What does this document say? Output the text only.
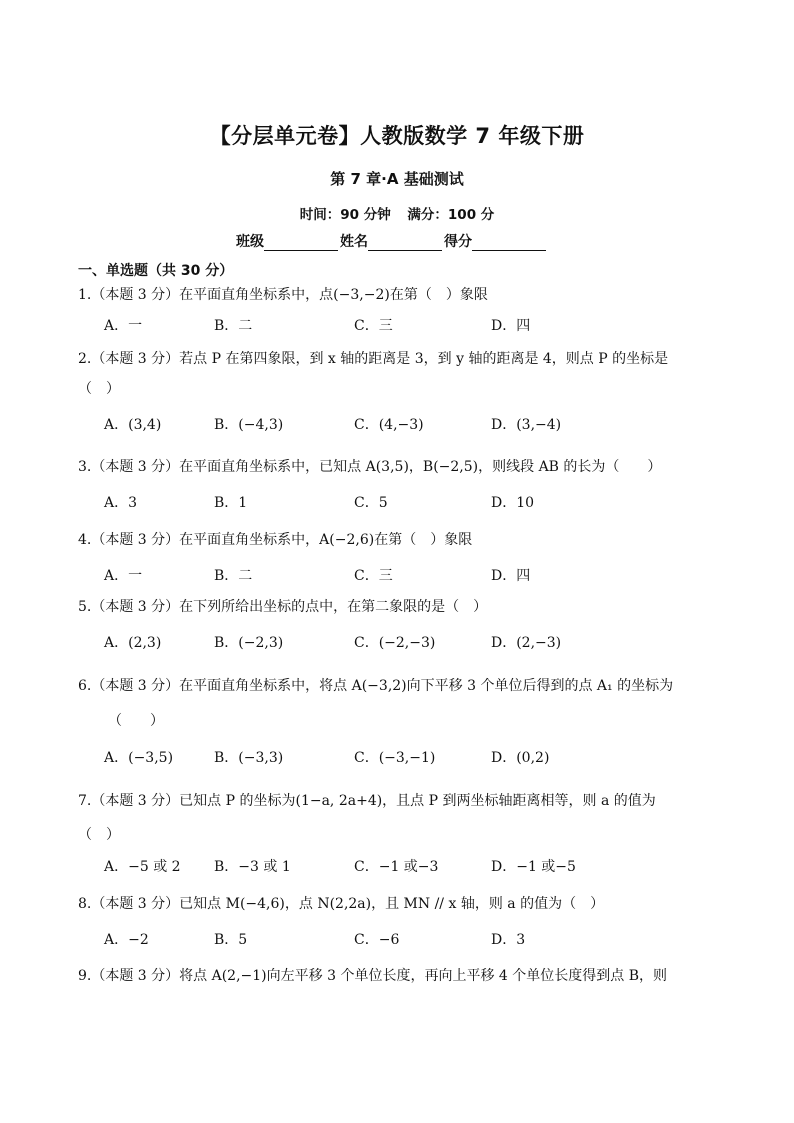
【分层单元卷】人教版数学 7 年级下册
第 7 章·A 基础测试
时间：90 分钟 满分：100 分
班级	姓名	得分
一、单选题（共 30 分）
1.（本题 3 分）在平面直角坐标系中，点(−3,−2)在第（　）象限
A．一	B．二	C．三	D．四
2.（本题 3 分）若点 P 在第四象限，到 x 轴的距离是 3，到 y 轴的距离是 4，则点 P 的坐标是
（　）
A．(3,4)	B．(−4,3)	C．(4,−3)	D．(3,−4)
3.（本题 3 分）在平面直角坐标系中，已知点 A(3,5)，B(−2,5)，则线段 AB 的长为（　　）
A．3	B．1	C．5	D．10
4.（本题 3 分）在平面直角坐标系中，A(−2,6)在第（　）象限
A．一	B．二	C．三	D．四
5.（本题 3 分）在下列所给出坐标的点中，在第二象限的是（　）
A．(2,3)	B．(−2,3)	C．(−2,−3)	D．(2,−3)
6.（本题 3 分）在平面直角坐标系中，将点 A(−3,2)向下平移 3 个单位后得到的点 A₁ 的坐标为
（　　）
A．(−3,5)	B．(−3,3)	C．(−3,−1)	D．(0,2)
7.（本题 3 分）已知点 P 的坐标为(1−a, 2a+4)，且点 P 到两坐标轴距离相等，则 a 的值为
（　）
A．−5 或 2 B．−3 或 1	C．−1 或−3	D．−1 或−5
8.（本题 3 分）已知点 M(−4,6)，点 N(2,2a)，且 MN // x 轴，则 a 的值为（　）
A．−2	B．5	C．−6	D．3
9.（本题 3 分）将点 A(2,−1)向左平移 3 个单位长度，再向上平移 4 个单位长度得到点 B，则
